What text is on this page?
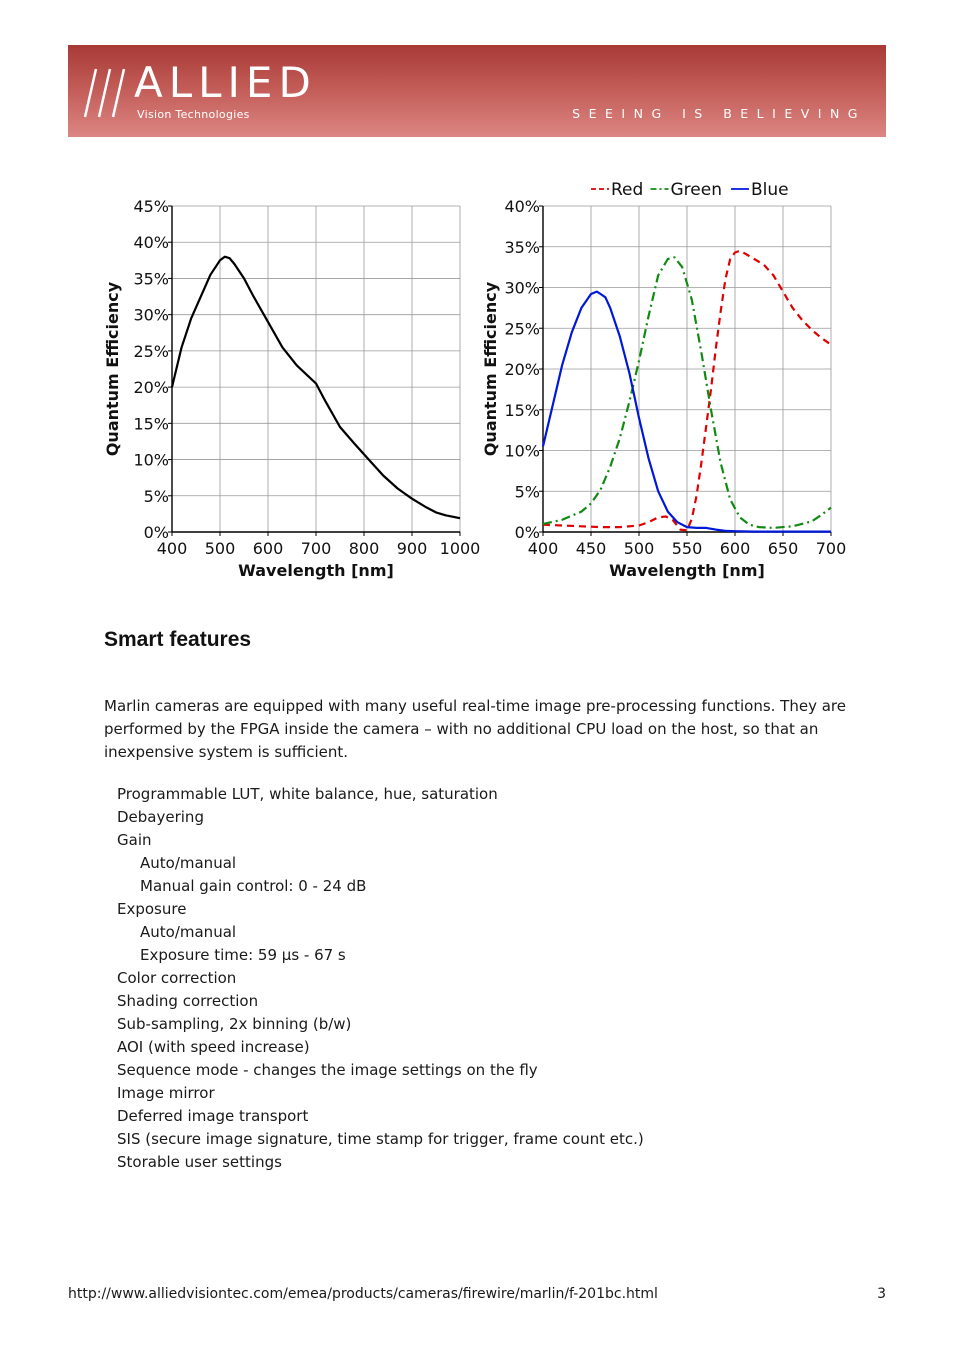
ALLIED
Vision Technologies	SEEING IS BELIEVING
400 500 600 700 800 900 1000
0%
5%
10%
15%
20%
25%
30%
35%
40%
45%
Wavelength [nm]
Quantum Efficiency
400 450 500 550 600 650 700
0%
5%
10%
15%
20%
25%
30%
35%
40%
Wavelength [nm]
Quantum Efficiency
Red Green Blue
Smart features

Marlin cameras are equipped with many useful real-time image pre-processing functions. They are performed by the FPGA inside the camera – with no additional CPU load on the host, so that an inexpensive system is sufficient.

Programmable LUT, white balance, hue, saturation
Debayering
Gain
Auto/manual
Manual gain control: 0 - 24 dB
Exposure
Auto/manual
Exposure time: 59 µs - 67 s
Color correction
Shading correction
Sub-sampling, 2x binning (b/w)
AOI (with speed increase)
Sequence mode - changes the image settings on the fly
Image mirror
Deferred image transport
SIS (secure image signature, time stamp for trigger, frame count etc.)
Storable user settings
http://www.alliedvisiontec.com/emea/products/cameras/firewire/marlin/f-201bc.html	3
